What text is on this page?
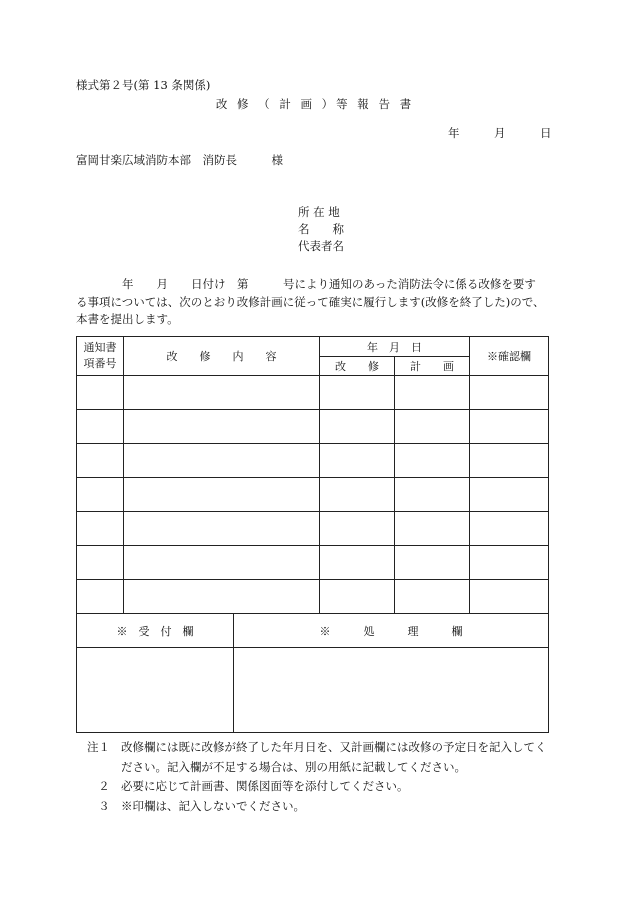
様式第２号(第 13 条関係)
改 修 （ 計 画 ）等 報 告 書
年　　　月　　　日
富岡甘楽広域消防本部　消防長　　　様
所 在 地
名　　称
代表者名
　　　　年　　月　　日付け　第　　　号により通知のあった消防法令に係る改修を要す
る事項については、次のとおり改修計画に従って確実に履行します(改修を終了した)ので、
本書を提出します。
通知書項番号	改　　修　　内　　容		年　月　日		※確認欄
			改　　修	計　　画	

※　受　付　欄		※　　　処　　　理　　　欄			

注１ 改修欄には既に改修が終了した年月日を、又計画欄には改修の予定日を記入してく
ださい。記入欄が不足する場合は、別の用紙に記載してください。
２ 必要に応じて計画書、関係図面等を添付してください。
３ ※印欄は、記入しないでください。
